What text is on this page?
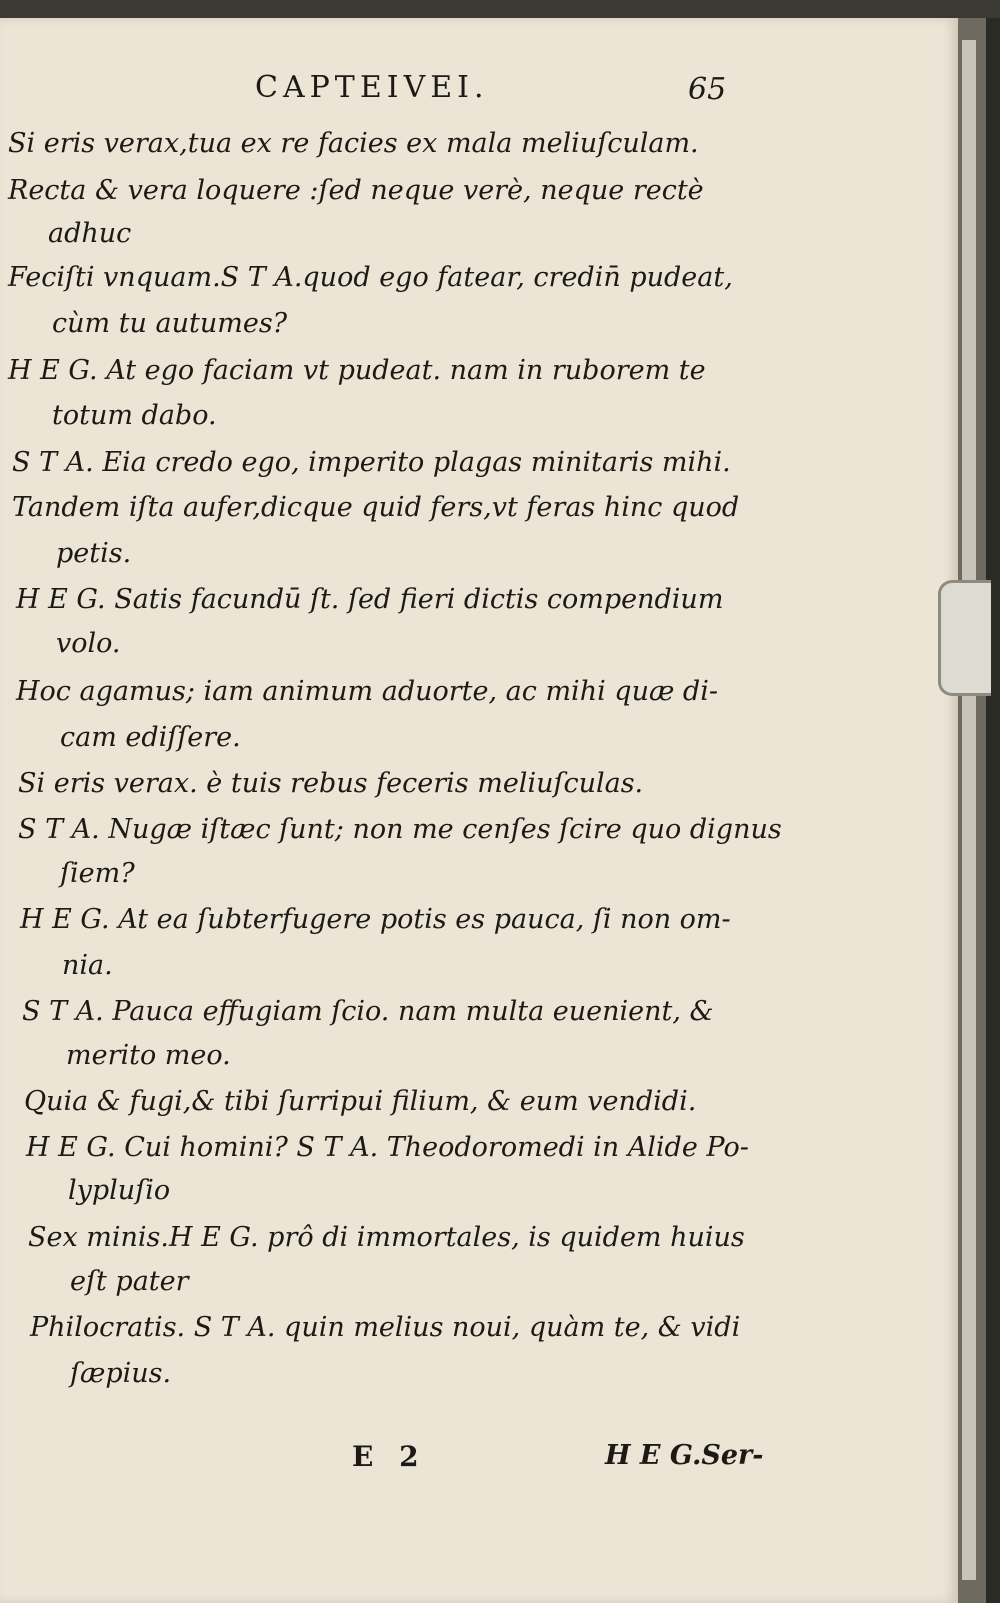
CAPTEIVEI.	65
Si eris verax,tua ex re facies ex mala meliuſculam.
Recta & vera loquere :ſed neque verè, neque rectè
adhuc
Feciſti vnquam.S T A.quod ego fatear, credin̄ pudeat,
cùm tu autumes?
H E G. At ego faciam vt pudeat. nam in ruborem te
totum dabo.
S T A. Eia credo ego, imperito plagas minitaris mihi.
Tandem iſta aufer,dicque quid fers,vt feras hinc quod
petis.
H E G. Satis facundū ſt. ſed fieri dictis compendium
volo.
Hoc agamus; iam animum aduorte, ac mihi quæ di-
cam ediſſere.
Si eris verax. è tuis rebus feceris meliuſculas.
S T A. Nugæ iſtæc ſunt; non me cenſes ſcire quo dignus
ſiem?
H E G. At ea ſubterfugere potis es pauca, ſi non om-
nia.
S T A. Pauca effugiam ſcio. nam multa euenient, &
merito meo.
Quia & fugi,& tibi ſurripui filium, & eum vendidi.
H E G. Cui homini? S T A. Theodoromedi in Alide Po-
lypluſio
Sex minis.H E G. prô di immortales, is quidem huius
eſt pater
Philocratis. S T A. quin melius noui, quàm te, & vidi
ſæpius.
E 2	H E G.Ser-
